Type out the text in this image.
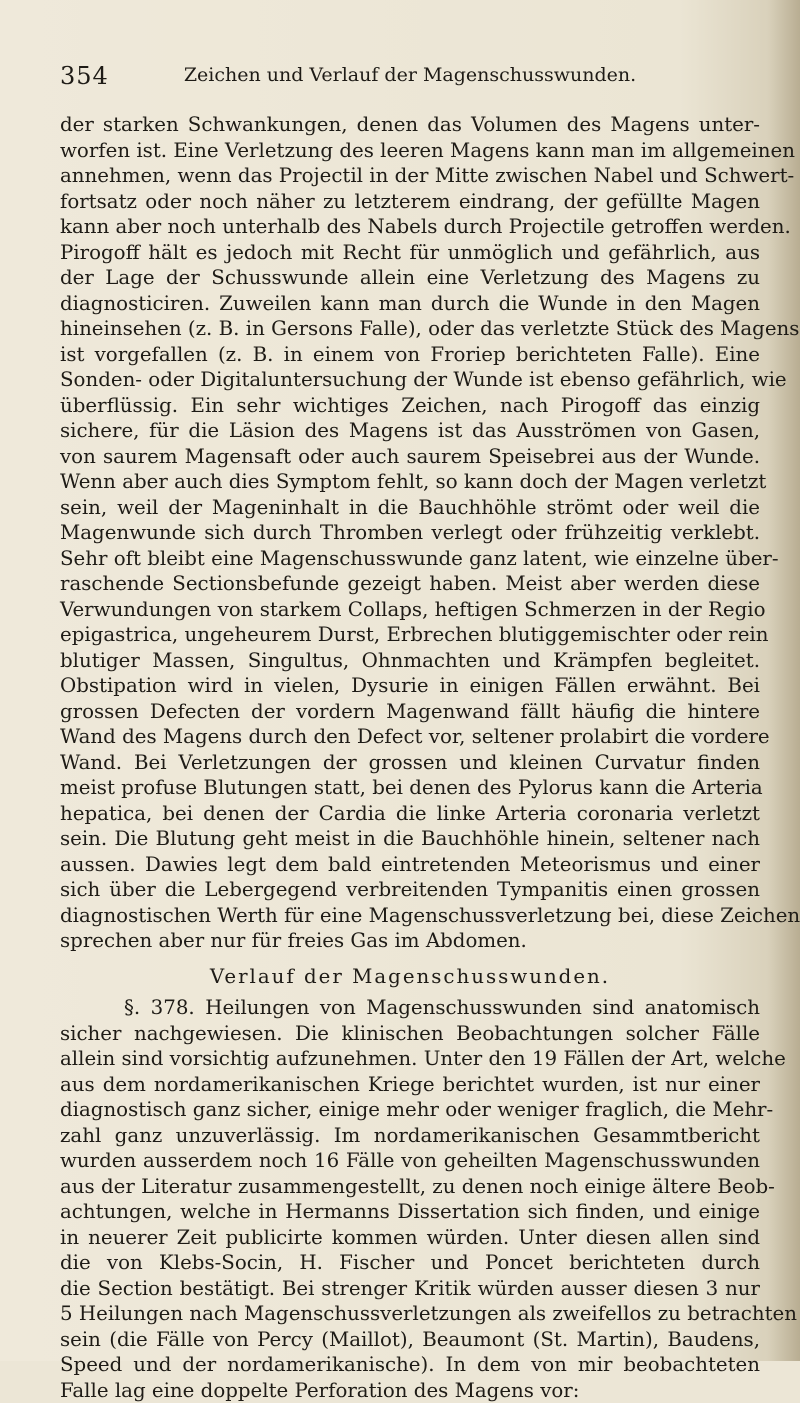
354	Zeichen und Verlauf der Magenschusswunden.
der starken Schwankungen, denen das Volumen des Magens unter-
worfen ist. Eine Verletzung des leeren Magens kann man im allgemeinen
annehmen, wenn das Projectil in der Mitte zwischen Nabel und Schwert-
fortsatz oder noch näher zu letzterem eindrang, der gefüllte Magen
kann aber noch unterhalb des Nabels durch Projectile getroffen werden.
Pirogoff hält es jedoch mit Recht für unmöglich und gefährlich, aus
der Lage der Schusswunde allein eine Verletzung des Magens zu
diagnosticiren. Zuweilen kann man durch die Wunde in den Magen
hineinsehen (z. B. in Gersons Falle), oder das verletzte Stück des Magens
ist vorgefallen (z. B. in einem von Froriep berichteten Falle). Eine
Sonden- oder Digitaluntersuchung der Wunde ist ebenso gefährlich, wie
überflüssig. Ein sehr wichtiges Zeichen, nach Pirogoff das einzig
sichere, für die Läsion des Magens ist das Ausströmen von Gasen,
von saurem Magensaft oder auch saurem Speisebrei aus der Wunde.
Wenn aber auch dies Symptom fehlt, so kann doch der Magen verletzt
sein, weil der Mageninhalt in die Bauchhöhle strömt oder weil die
Magenwunde sich durch Thromben verlegt oder frühzeitig verklebt.
Sehr oft bleibt eine Magenschusswunde ganz latent, wie einzelne über-
raschende Sectionsbefunde gezeigt haben. Meist aber werden diese
Verwundungen von starkem Collaps, heftigen Schmerzen in der Regio
epigastrica, ungeheurem Durst, Erbrechen blutiggemischter oder rein
blutiger Massen, Singultus, Ohnmachten und Krämpfen begleitet.
Obstipation wird in vielen, Dysurie in einigen Fällen erwähnt. Bei
grossen Defecten der vordern Magenwand fällt häufig die hintere
Wand des Magens durch den Defect vor, seltener prolabirt die vordere
Wand. Bei Verletzungen der grossen und kleinen Curvatur finden
meist profuse Blutungen statt, bei denen des Pylorus kann die Arteria
hepatica, bei denen der Cardia die linke Arteria coronaria verletzt
sein. Die Blutung geht meist in die Bauchhöhle hinein, seltener nach
aussen. Dawies legt dem bald eintretenden Meteorismus und einer
sich über die Lebergegend verbreitenden Tympanitis einen grossen
diagnostischen Werth für eine Magenschussverletzung bei, diese Zeichen
sprechen aber nur für freies Gas im Abdomen.
Verlauf der Magenschusswunden.
§. 378. Heilungen von Magenschusswunden sind anatomisch
sicher nachgewiesen. Die klinischen Beobachtungen solcher Fälle
allein sind vorsichtig aufzunehmen. Unter den 19 Fällen der Art, welche
aus dem nordamerikanischen Kriege berichtet wurden, ist nur einer
diagnostisch ganz sicher, einige mehr oder weniger fraglich, die Mehr-
zahl ganz unzuverlässig. Im nordamerikanischen Gesammtbericht
wurden ausserdem noch 16 Fälle von geheilten Magenschusswunden
aus der Literatur zusammengestellt, zu denen noch einige ältere Beob-
achtungen, welche in Hermanns Dissertation sich finden, und einige
in neuerer Zeit publicirte kommen würden. Unter diesen allen sind
die von Klebs-Socin, H. Fischer und Poncet berichteten durch
die Section bestätigt. Bei strenger Kritik würden ausser diesen 3 nur
5 Heilungen nach Magenschussverletzungen als zweifellos zu betrachten
sein (die Fälle von Percy (Maillot), Beaumont (St. Martin), Baudens,
Speed und der nordamerikanische). In dem von mir beobachteten
Falle lag eine doppelte Perforation des Magens vor:
